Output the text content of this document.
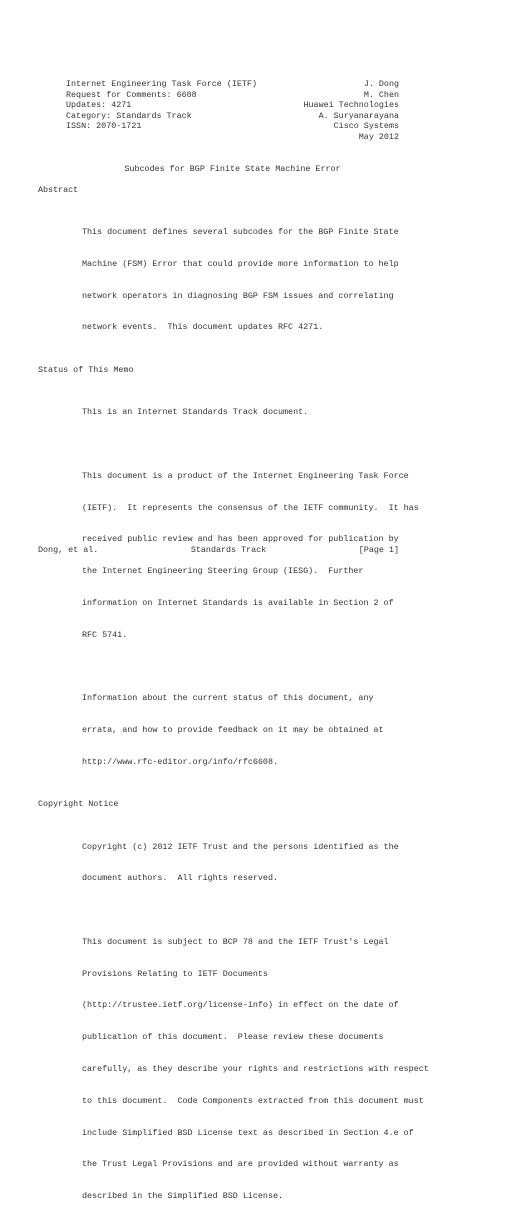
Internet Engineering Task Force (IETF)	J. Dong
Request for Comments: 6608	M. Chen
Updates: 4271	Huawei Technologies
Category: Standards Track	A. Suryanarayana
ISSN: 2070-1721	Cisco Systems
May 2012
Subcodes for BGP Finite State Machine Error
Abstract

This document defines several subcodes for the BGP Finite State

Machine (FSM) Error that could provide more information to help

network operators in diagnosing BGP FSM issues and correlating

network events.  This document updates RFC 4271.

Status of This Memo

This is an Internet Standards Track document.

This document is a product of the Internet Engineering Task Force

(IETF).  It represents the consensus of the IETF community.  It has

received public review and has been approved for publication by

the Internet Engineering Steering Group (IESG).  Further

information on Internet Standards is available in Section 2 of

RFC 5741.

Information about the current status of this document, any

errata, and how to provide feedback on it may be obtained at

http://www.rfc-editor.org/info/rfc6608.

Copyright Notice

Copyright (c) 2012 IETF Trust and the persons identified as the

document authors.  All rights reserved.

This document is subject to BCP 78 and the IETF Trust's Legal

Provisions Relating to IETF Documents

(http://trustee.ietf.org/license-info) in effect on the date of

publication of this document.  Please review these documents

carefully, as they describe your rights and restrictions with respect

to this document.  Code Components extracted from this document must

include Simplified BSD License text as described in Section 4.e of

the Trust Legal Provisions and are provided without warranty as

described in the Simplified BSD License.

Dong, et al.	Standards Track	[Page 1]
